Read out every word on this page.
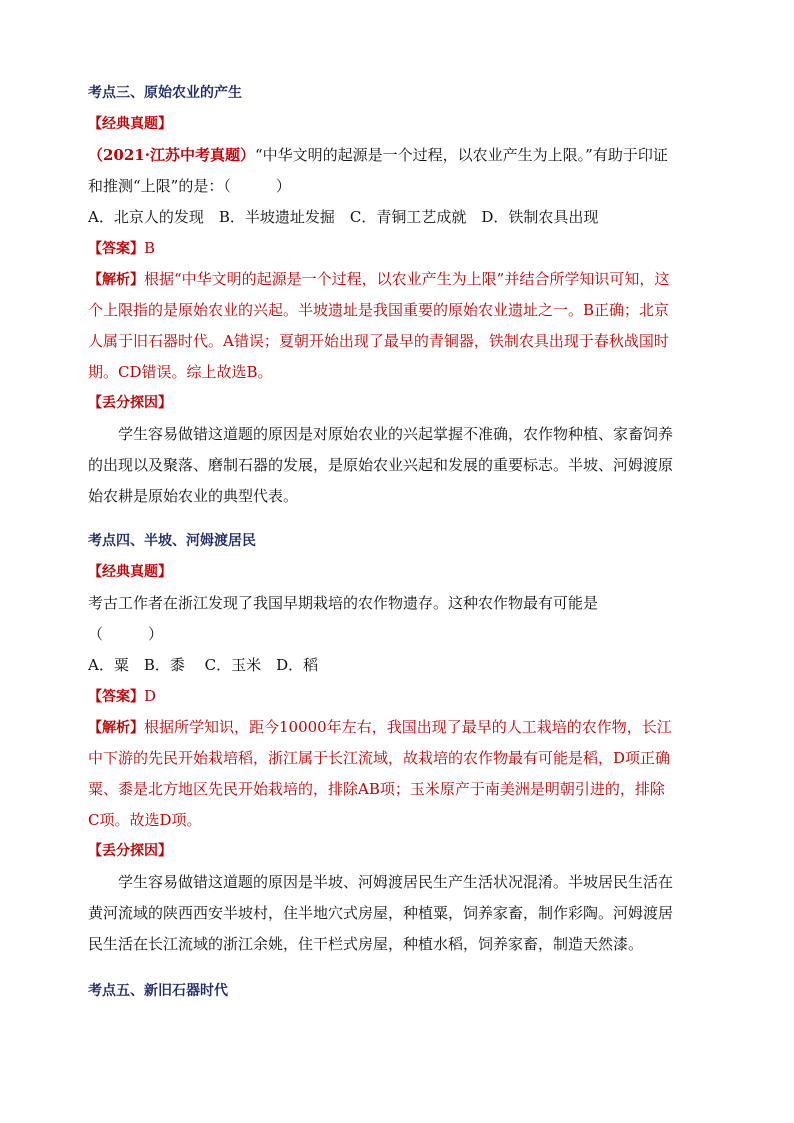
考点三、原始农业的产生
【经典真题】
（2021·江苏中考真题）“中华文明的起源是一个过程，以农业产生为上限。”有助于印证
和推测“上限”的是：（　　　）
A．北京人的发现　B．半坡遗址发掘　C．青铜工艺成就　D．铁制农具出现
【答案】B
【解析】根据“中华文明的起源是一个过程，以农业产生为上限”并结合所学知识可知，这
个上限指的是原始农业的兴起。半坡遗址是我国重要的原始农业遗址之一。B正确；北京
人属于旧石器时代。A错误；夏朝开始出现了最早的青铜器，铁制农具出现于春秋战国时
期。CD错误。综上故选B。
【丢分探因】
学生容易做错这道题的原因是对原始农业的兴起掌握不准确，农作物种植、家畜饲养
的出现以及聚落、磨制石器的发展，是原始农业兴起和发展的重要标志。半坡、河姆渡原
始农耕是原始农业的典型代表。
考点四、半坡、河姆渡居民
【经典真题】
考古工作者在浙江发现了我国早期栽培的农作物遗存。这种农作物最有可能是
（　　　）
A．粟　B．黍　 C．玉米　D．稻
【答案】D
【解析】根据所学知识，距今10000年左右，我国出现了最早的人工栽培的农作物，长江
中下游的先民开始栽培稻，浙江属于长江流域，故栽培的农作物最有可能是稻，D项正确
粟、黍是北方地区先民开始栽培的，排除AB项；玉米原产于南美洲是明朝引进的，排除
C项。故选D项。
【丢分探因】
学生容易做错这道题的原因是半坡、河姆渡居民生产生活状况混淆。半坡居民生活在
黄河流域的陕西西安半坡村，住半地穴式房屋，种植粟，饲养家畜，制作彩陶。河姆渡居
民生活在长江流域的浙江余姚，住干栏式房屋，种植水稻，饲养家畜，制造天然漆。
考点五、新旧石器时代
